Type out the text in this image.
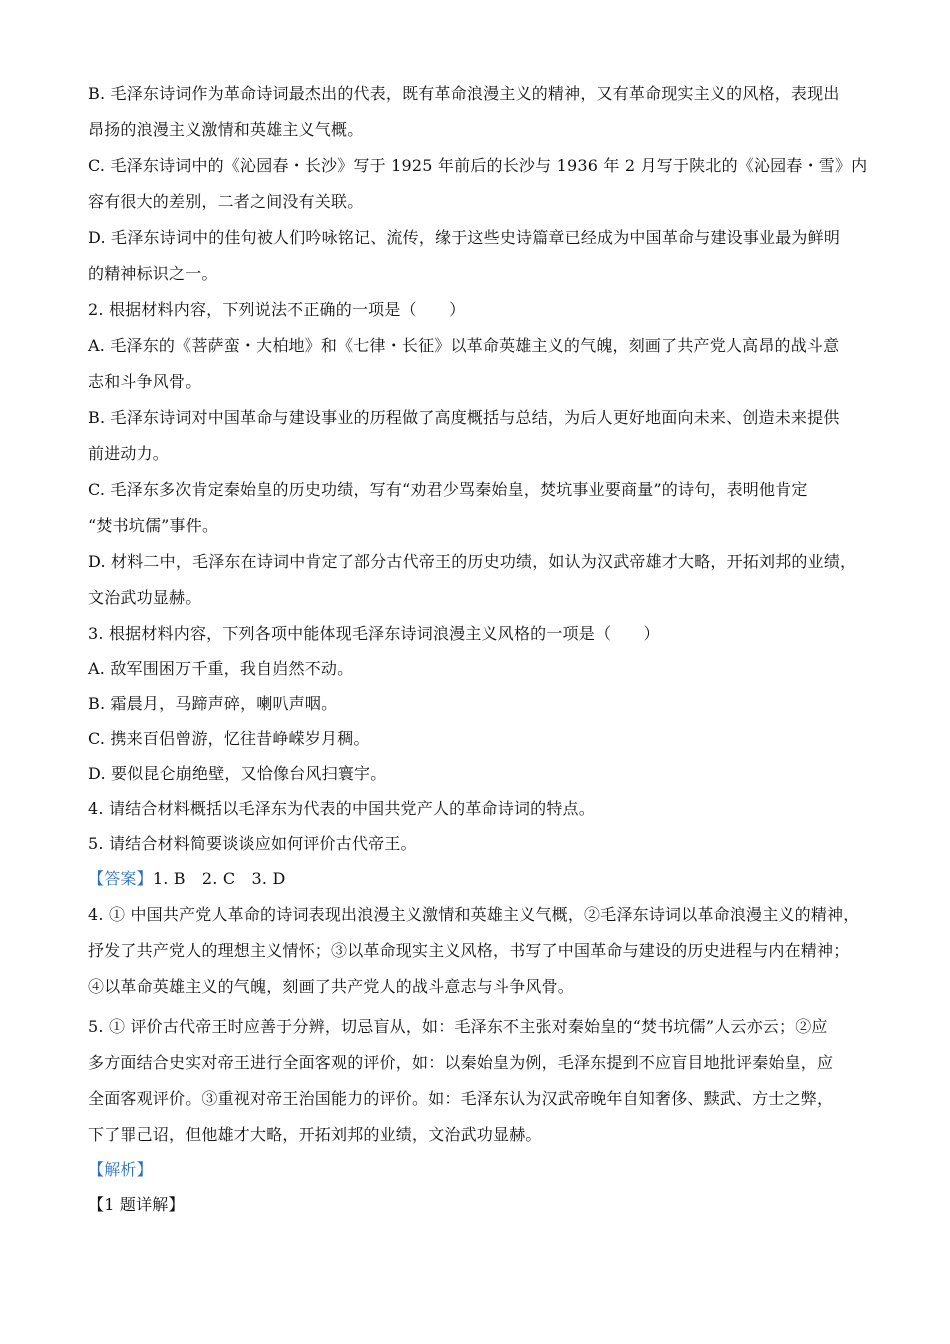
B. 毛泽东诗词作为革命诗词最杰出的代表，既有革命浪漫主义的精神，又有革命现实主义的风格，表现出
昂扬的浪漫主义激情和英雄主义气概。
C. 毛泽东诗词中的《沁园春・长沙》写于 1925 年前后的长沙与 1936 年 2 月写于陕北的《沁园春・雪》内
容有很大的差别，二者之间没有关联。
D. 毛泽东诗词中的佳句被人们吟咏铭记、流传，缘于这些史诗篇章已经成为中国革命与建设事业最为鲜明
的精神标识之一。
2. 根据材料内容，下列说法不正确的一项是（　　）
A. 毛泽东的《菩萨蛮・大柏地》和《七律・长征》以革命英雄主义的气魄，刻画了共产党人高昂的战斗意
志和斗争风骨。
B. 毛泽东诗词对中国革命与建设事业的历程做了高度概括与总结，为后人更好地面向未来、创造未来提供
前进动力。
C. 毛泽东多次肯定秦始皇的历史功绩，写有“劝君少骂秦始皇，焚坑事业要商量”的诗句，表明他肯定
“焚书坑儒”事件。
D. 材料二中，毛泽东在诗词中肯定了部分古代帝王的历史功绩，如认为汉武帝雄才大略，开拓刘邦的业绩，
文治武功显赫。
3. 根据材料内容，下列各项中能体现毛泽东诗词浪漫主义风格的一项是（　　）
A. 敌军围困万千重，我自岿然不动。
B. 霜晨月，马蹄声碎，喇叭声咽。
C. 携来百侣曾游，忆往昔峥嵘岁月稠。
D. 要似昆仑崩绝壁，又恰像台风扫寰宇。
4. 请结合材料概括以毛泽东为代表的中国共党产人的革命诗词的特点。
5. 请结合材料简要谈谈应如何评价古代帝王。
【答案】1. B　2. C　3. D
4. ① 中国共产党人革命的诗词表现出浪漫主义激情和英雄主义气概，②毛泽东诗词以革命浪漫主义的精神，
抒发了共产党人的理想主义情怀；③以革命现实主义风格，书写了中国革命与建设的历史进程与内在精神；
④以革命英雄主义的气魄，刻画了共产党人的战斗意志与斗争风骨。
5. ① 评价古代帝王时应善于分辨，切忌盲从，如：毛泽东不主张对秦始皇的“焚书坑儒”人云亦云；②应
多方面结合史实对帝王进行全面客观的评价，如：以秦始皇为例，毛泽东提到不应盲目地批评秦始皇，应
全面客观评价。③重视对帝王治国能力的评价。如：毛泽东认为汉武帝晚年自知奢侈、黩武、方士之弊，
下了罪己诏，但他雄才大略，开拓刘邦的业绩，文治武功显赫。
【解析】
【1 题详解】
